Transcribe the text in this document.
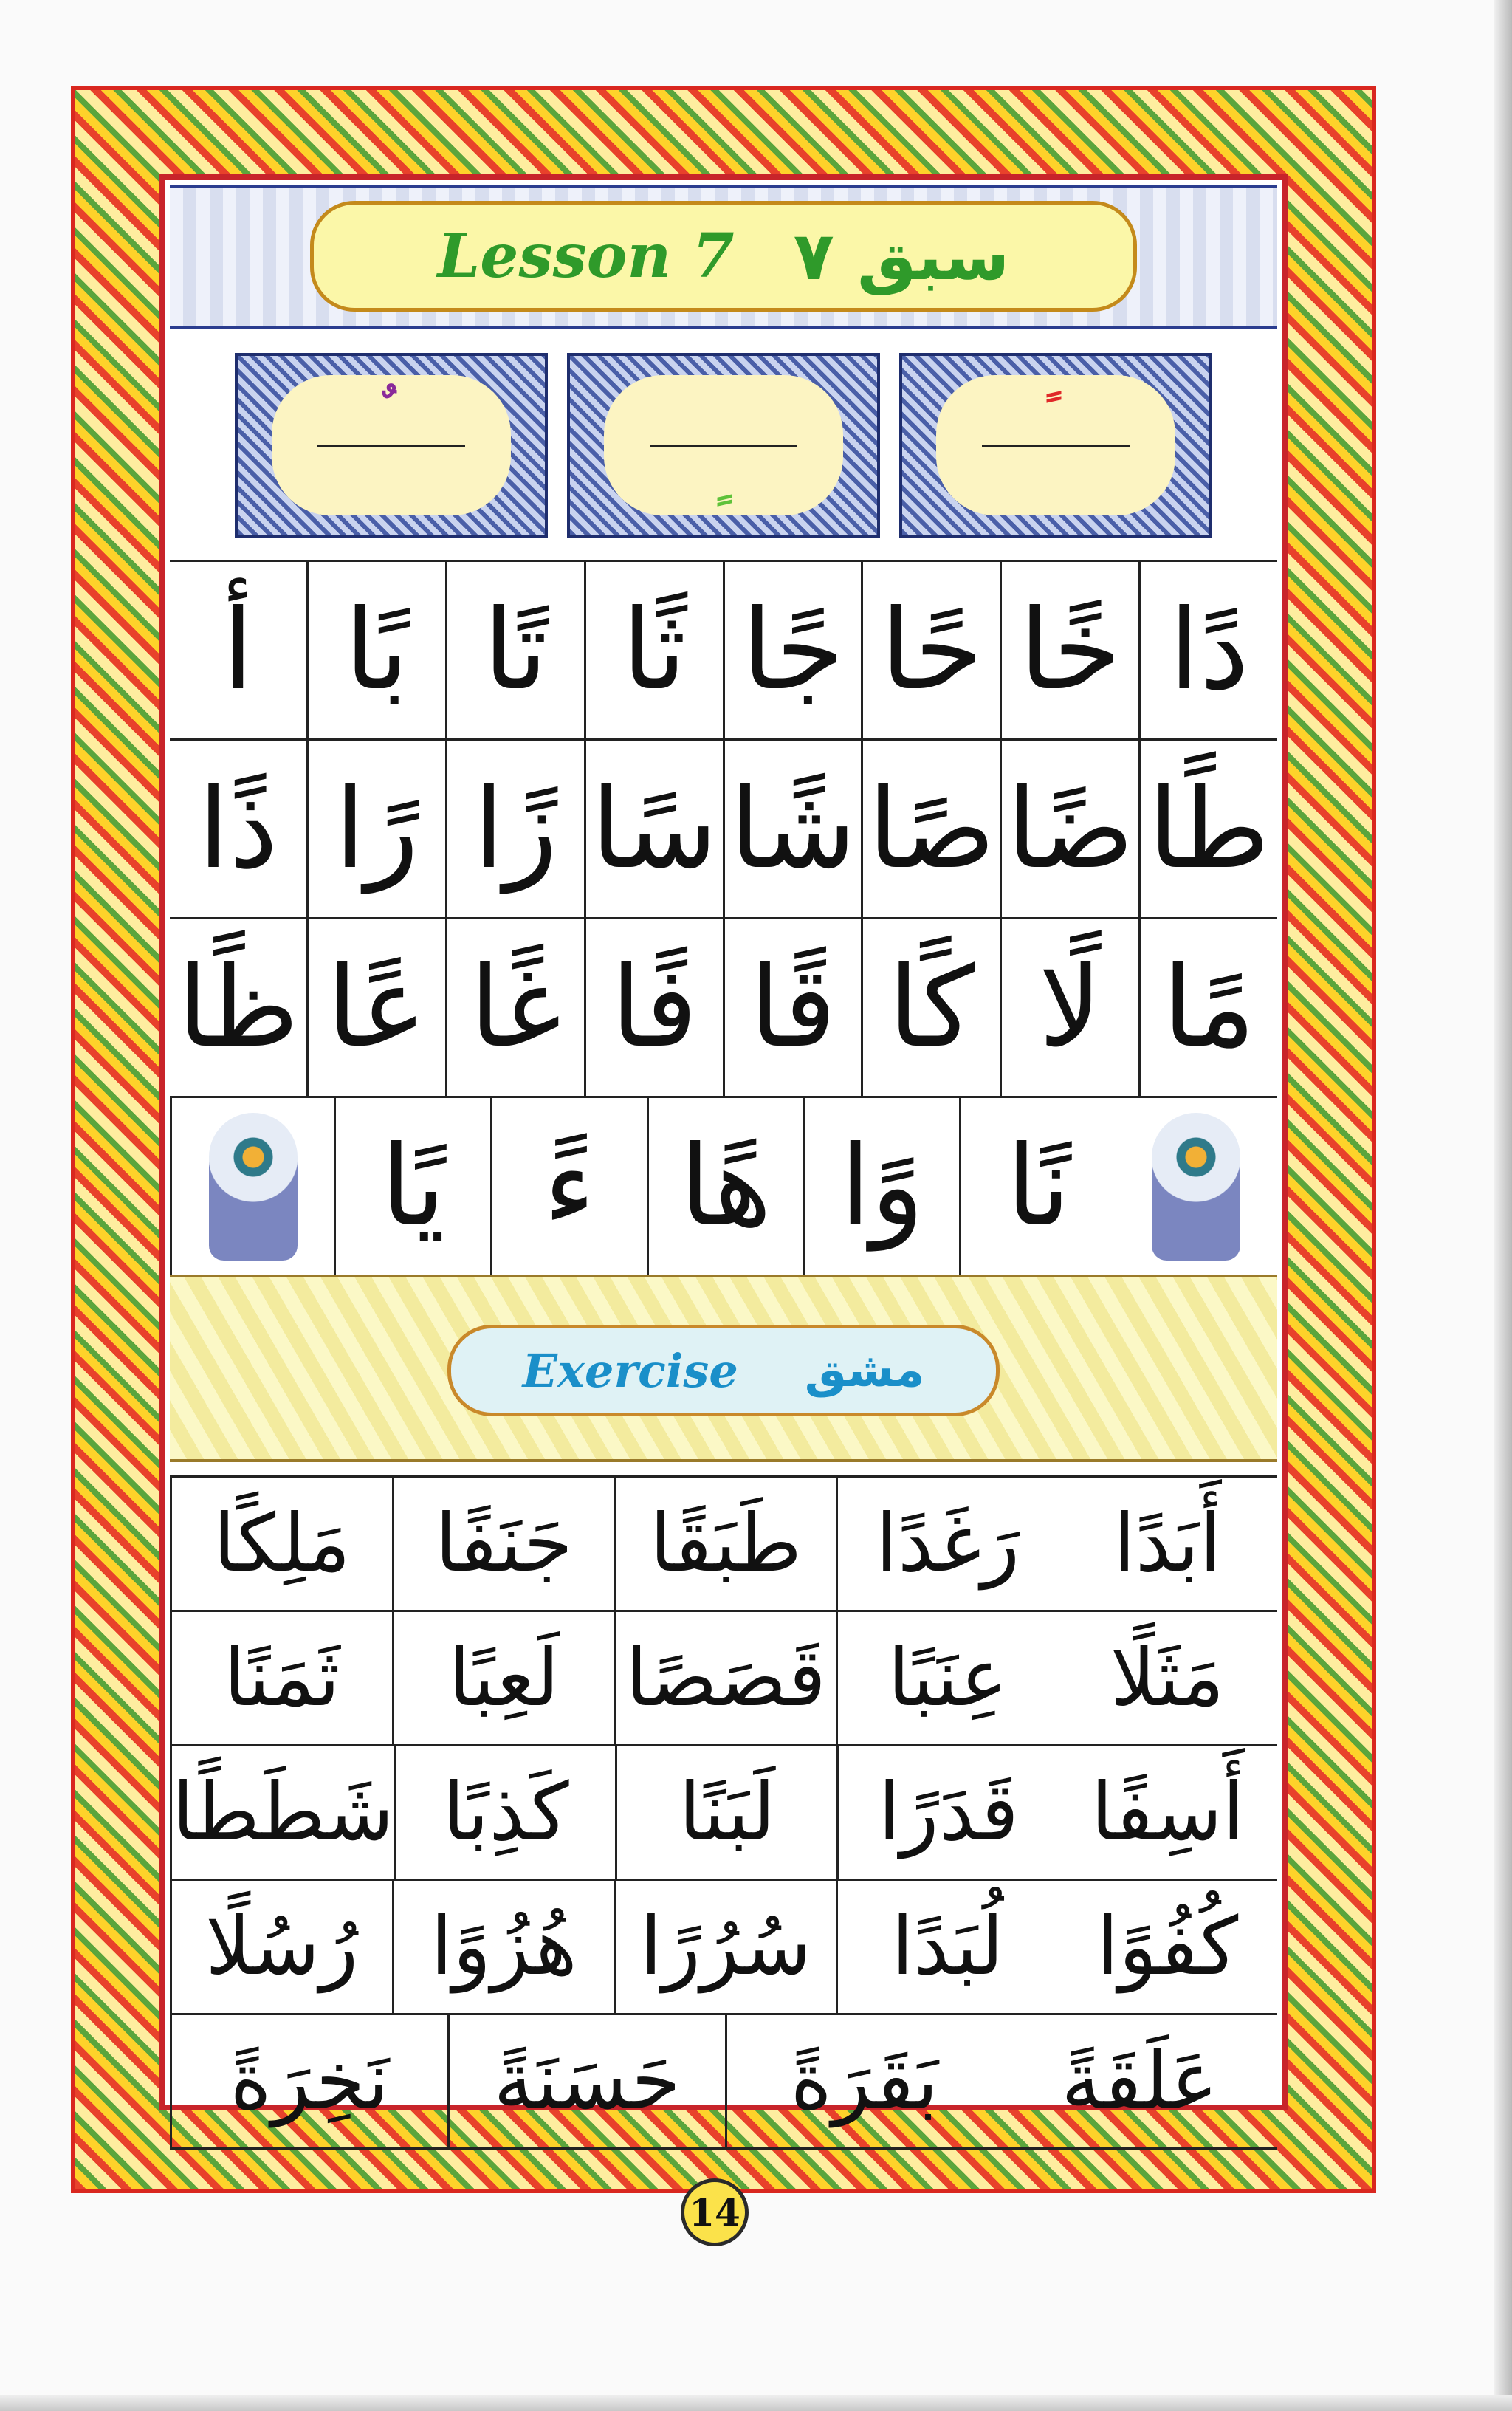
Lesson 7 سبق ۷
أ بًا تًا ثًا جًا حًا خًا دًا
ذًا رًا زًا سًا شًا صًا ضًا طًا
ظًا عًا غًا فًا قًا كًا لًا مًا
نًا
وًا
هًا
ءً
يًا
Exercise مشق
أَبَدًا
رَغَدًا
طَبَقًا
جَنَفًا
مَلِكًا
مَثَلًا
عِنَبًا
قَصَصًا
لَعِبًا
ثَمَنًا
أَسِفًا
قَدَرًا
لَبَنًا
كَذِبًا
شَطَطًا
كُفُوًا
لُبَدًا
سُرُرًا
هُزُوًا
رُسُلًا
عَلَقَةً
بَقَرَةً
حَسَنَةً
نَخِرَةً
14
